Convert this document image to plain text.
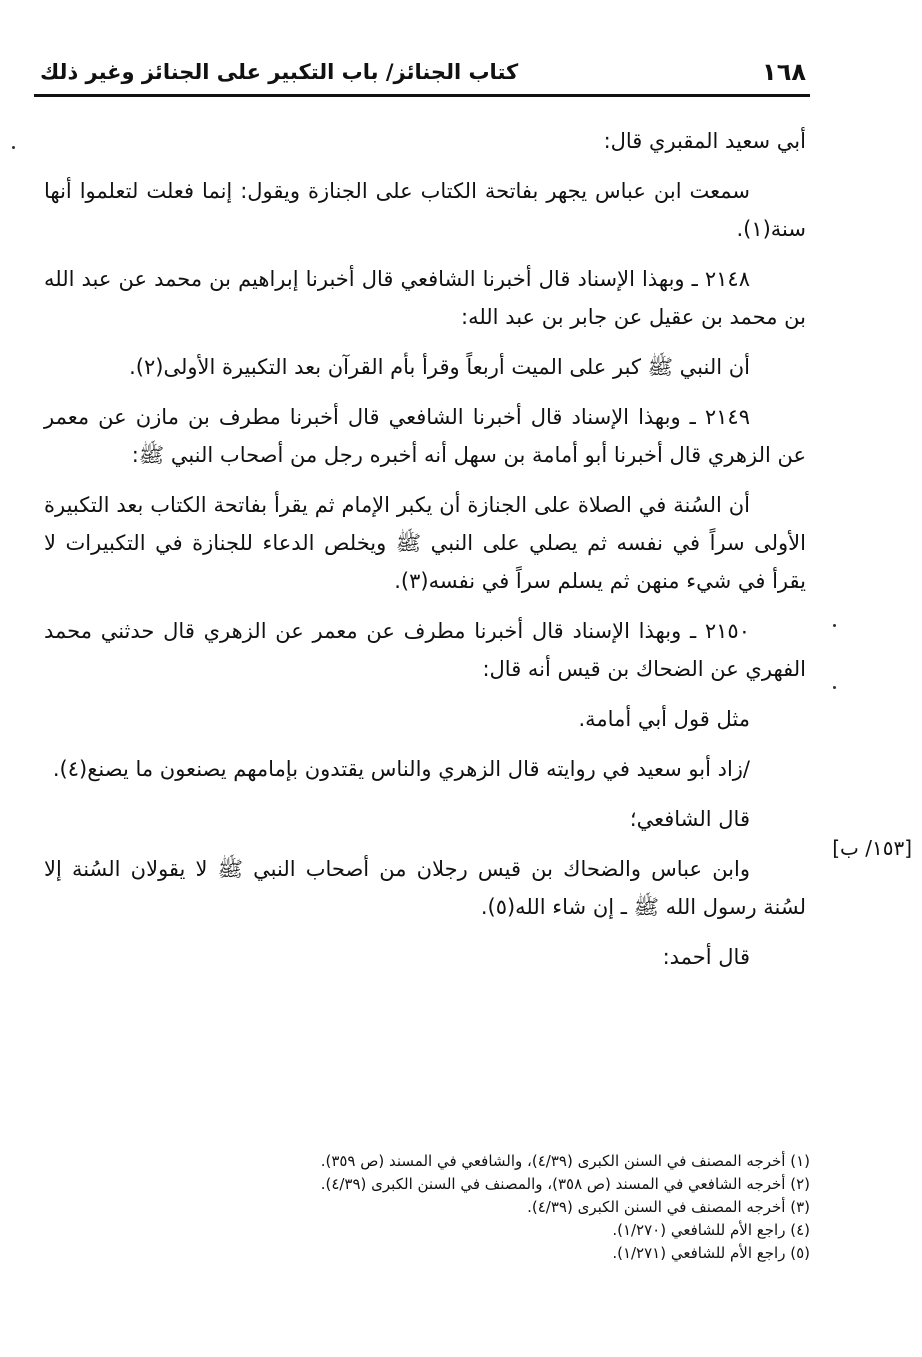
١٦٨
كتاب الجنائز/ باب التكبير على الجنائز وغير ذلك

أبي سعيد المقبري قال:

سمعت ابن عباس يجهر بفاتحة الكتاب على الجنازة ويقول: إنما فعلت لتعلموا أنها سنة(١).

٢١٤٨ ـ وبهذا الإسناد قال أخبرنا الشافعي قال أخبرنا إبراهيم بن محمد عن عبد الله بن محمد بن عقيل عن جابر بن عبد الله:

أن النبي ﷺ كبر على الميت أربعاً وقرأ بأم القرآن بعد التكبيرة الأولى(٢).

٢١٤٩ ـ وبهذا الإسناد قال أخبرنا الشافعي قال أخبرنا مطرف بن مازن عن معمر عن الزهري قال أخبرنا أبو أمامة بن سهل أنه أخبره رجل من أصحاب النبي ﷺ:

أن السُنة في الصلاة على الجنازة أن يكبر الإمام ثم يقرأ بفاتحة الكتاب بعد التكبيرة الأولى سراً في نفسه ثم يصلي على النبي ﷺ ويخلص الدعاء للجنازة في التكبيرات لا يقرأ في شيء منهن ثم يسلم سراً في نفسه(٣).

٢١٥٠ ـ وبهذا الإسناد قال أخبرنا مطرف عن معمر عن الزهري قال حدثني محمد الفهري عن الضحاك بن قيس أنه قال:

مثل قول أبي أمامة.

/زاد أبو سعيد في روايته قال الزهري والناس يقتدون بإمامهم يصنعون ما يصنع(٤).

قال الشافعي؛

وابن عباس والضحاك بن قيس رجلان من أصحاب النبي ﷺ لا يقولان السُنة إلا لسُنة رسول الله ﷺ ـ إن شاء الله(٥).

قال أحمد:

[١٥٣/ ب]

(١) أخرجه المصنف في السنن الكبرى (٤/٣٩)، والشافعي في المسند (ص ٣٥٩).

(٢) أخرجه الشافعي في المسند (ص ٣٥٨)، والمصنف في السنن الكبرى (٤/٣٩).

(٣) أخرجه المصنف في السنن الكبرى (٤/٣٩).

(٤) راجع الأم للشافعي (١/٢٧٠).

(٥) راجع الأم للشافعي (١/٢٧١).
